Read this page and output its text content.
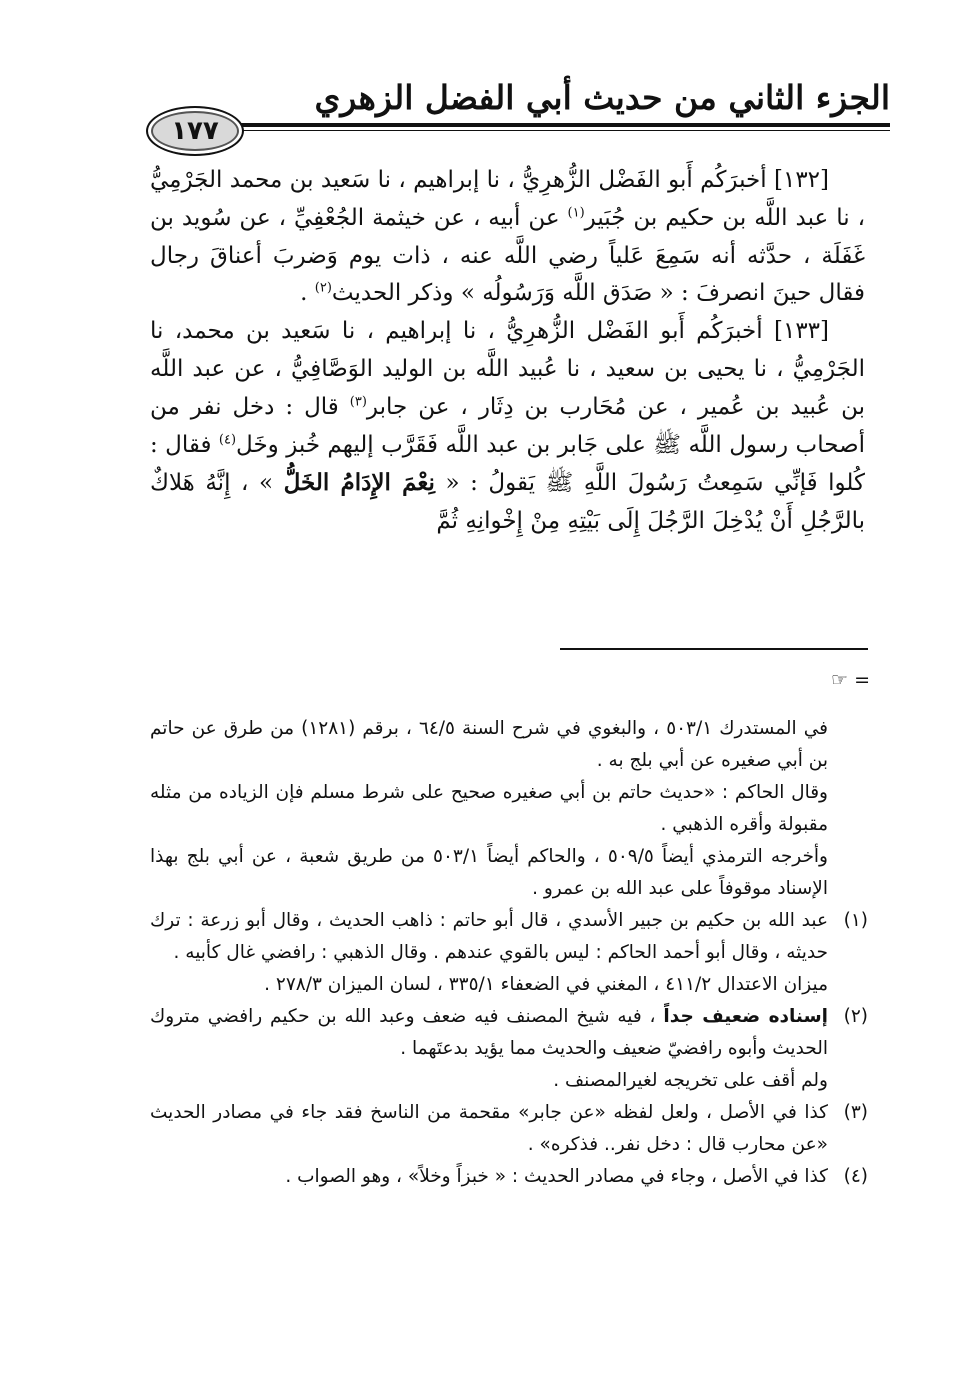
الجزء الثاني من حديث أبي الفضل الزهري
١٧٧

[١٣٢] أخبرَكُم أَبو الفَضْل الزُّهرِيُّ ، نا إبراهيم ، نا سَعيد بن محمد الجَرْمِيُّ ، نا عبد اللَّه بن حكيم بن جُبَير$^{(١)}$ عن أبيه ، عن خيثمة الجُعْفِيِّ ، عن سُويد بن غَفَلَة ، حدَّثه أنه سَمِعَ عَلياً رضي اللَّه عنه ، ذات يوم وَضربَ أعناقَ رجال فقال حينَ انصرفَ : « صَدَق اللَّه وَرَسُولُه » وذكر الحديث$^{(٢)}$ .

[١٣٣] أخبرَكُم أَبو الفَضْل الزُّهرِيُّ ، نا إبراهيم ، نا سَعيد بن محمد، نا الجَرْمِيُّ ، نا يحيى بن سعيد ، نا عُبيد اللَّه بن الوليد الوَصَّافِيُّ ، عن عبد اللَّه بن عُبيد بن عُمير ، عن مُحَارب بن دِثَار ، عن جابر$^{(٣)}$ قال : دخل نفر من أصحاب رسول اللَّه ﷺ على جَابر بن عبد اللَّه فَقَرَّب إليهم خُبز وخَل$^{(٤)}$ فقال : كُلوا فَإنِّي سَمِعتُ رَسُولَ اللَّهِ ﷺ يَقولُ : « نِعْمَ الإِدَامُ الخَلُّ » ، إِنَّهُ هَلاكٌ بالرَّجُلِ أَنْ يُدْخِلَ الرَّجُلَ إِلَى بَيْتِهِ مِنْ إِخْوانِهِ ثُمَّ

= ☞
في المستدرك ٥٠٣/١ ، والبغوي في شرح السنة ٦٤/٥ ، برقم (١٢٨١) من طرق عن حاتم بن أبي صغيره عن أبي بلج به .
وقال الحاكم : «حديث حاتم بن أبي صغيره صحيح على شرط مسلم فإن الزياده من مثله مقبولة وأقره الذهبي .
وأخرجه الترمذي أيضاً ٥٠٩/٥ ، والحاكم أيضاً ٥٠٣/١ من طريق شعبة ، عن أبي بلج بهذا الإسناد موقوفاً على عبد الله بن عمرو .
(١)
عبد الله بن حكيم بن جبير الأسدي ، قال أبو حاتم : ذاهب الحديث ، وقال أبو زرعة : ترك حديثه ، وقال أبو أحمد الحاكم : ليس بالقوي عندهم . وقال الذهبي : رافضي غال كأبيه .
ميزان الاعتدال ٤١١/٢ ، المغني في الضعفاء ٣٣٥/١ ، لسان الميزان ٢٧٨/٣ .
(٢)
إسناده ضعيف جداً ، فيه شيخ المصنف فيه ضعف وعبد الله بن حكيم رافضي متروك الحديث وأبوه رافضيّ ضعيف والحديث مما يؤيد بدعتَهما .
ولم أقف على تخريجه لغيرالمصنف .
(٣)
كذا في الأصل ، ولعل لفظه «عن جابر» مقحمة من الناسخ فقد جاء في مصادر الحديث «عن محارب قال : دخل نفر.. فذكره» .
(٤)
كذا في الأصل ، وجاء في مصادر الحديث : « خبزاً وخلاً» ، وهو الصواب .
